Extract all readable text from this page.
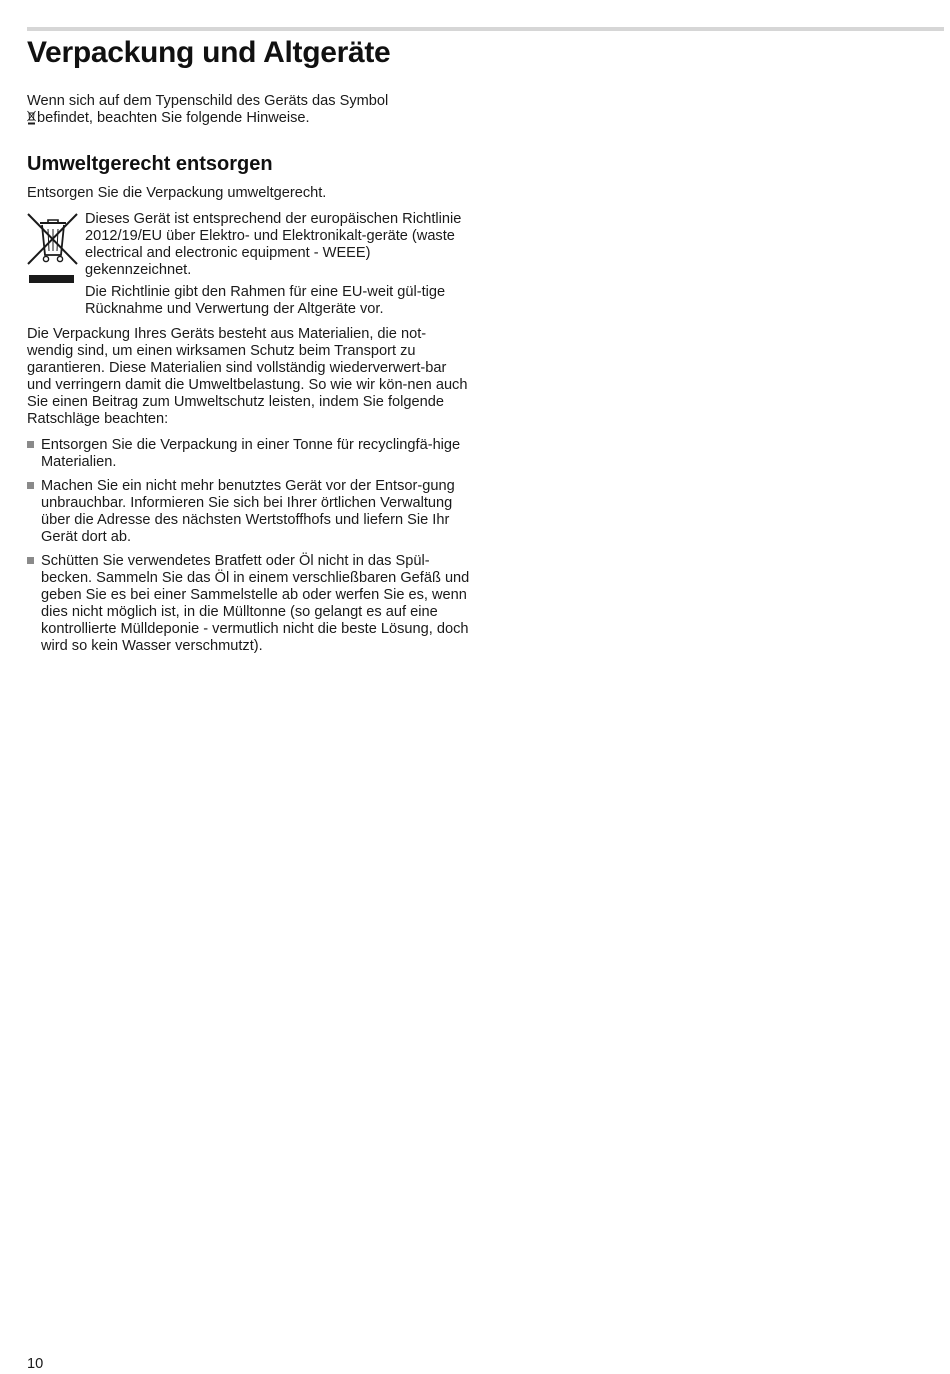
Verpackung und Altgeräte

Wenn sich auf dem Typenschild des Geräts das Symbol
befindet, beachten Sie folgende Hinweise.

Umweltgerecht entsorgen

Entsorgen Sie die Verpackung umweltgerecht.

Dieses Gerät ist entsprechend der europäischen Richtlinie 2012/19/EU über Elektro- und Elektronikalt-geräte (waste electrical and electronic equipment - WEEE) gekennzeichnet.

Die Richtlinie gibt den Rahmen für eine EU-weit gül-tige Rücknahme und Verwertung der Altgeräte vor.

Die Verpackung Ihres Geräts besteht aus Materialien, die not-wendig sind, um einen wirksamen Schutz beim Transport zu garantieren. Diese Materialien sind vollständig wiederverwert-bar und verringern damit die Umweltbelastung. So wie wir kön-nen auch Sie einen Beitrag zum Umweltschutz leisten, indem Sie folgende Ratschläge beachten:

Entsorgen Sie die Verpackung in einer Tonne für recyclingfä-hige Materialien.
Machen Sie ein nicht mehr benutztes Gerät vor der Entsor-gung unbrauchbar. Informieren Sie sich bei Ihrer örtlichen Verwaltung über die Adresse des nächsten Wertstoffhofs und liefern Sie Ihr Gerät dort ab.
Schütten Sie verwendetes Bratfett oder Öl nicht in das Spül-becken. Sammeln Sie das Öl in einem verschließbaren Gefäß und geben Sie es bei einer Sammelstelle ab oder werfen Sie es, wenn dies nicht möglich ist, in die Mülltonne (so gelangt es auf eine kontrollierte Mülldeponie - vermutlich nicht die beste Lösung, doch wird so kein Wasser verschmutzt).
10
